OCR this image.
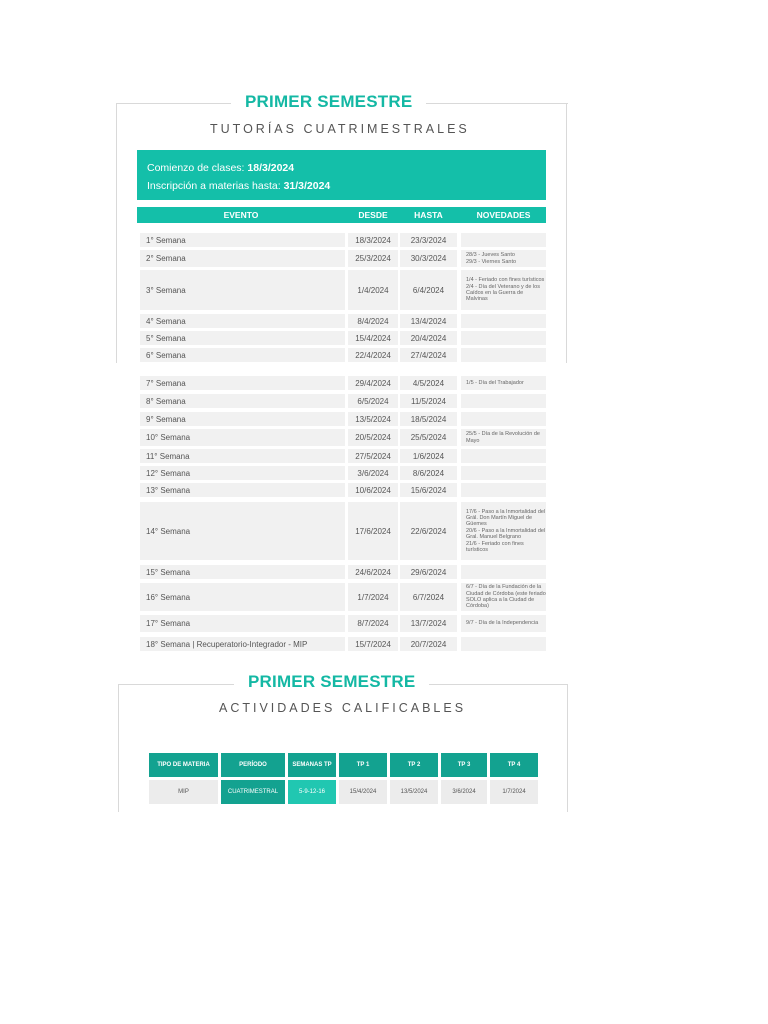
PRIMER SEMESTRE
TUTORÍAS CUATRIMESTRALES
Comienzo de clases: 18/3/2024
Inscripción a materias hasta: 31/3/2024
EVENTO	DESDE	HASTA	NOVEDADES
1° Semana	18/3/2024	23/3/2024
2° Semana	25/3/2024	30/3/2024	28/3 - Jueves Santo
29/3 - Viernes Santo
3° Semana	1/4/2024	6/4/2024
1/4 - Feriado con fines turísticos
2/4 - Día del Veterano y de los Caídos en la Guerra de Malvinas
4° Semana	8/4/2024	13/4/2024
5° Semana	15/4/2024	20/4/2024
6° Semana	22/4/2024	27/4/2024
7° Semana	29/4/2024	4/5/2024	1/5 - Día del Trabajador
8° Semana	6/5/2024	11/5/2024
9° Semana	13/5/2024	18/5/2024
10° Semana	20/5/2024	25/5/2024	25/5 - Día de la Revolución de Mayo
11° Semana	27/5/2024	1/6/2024
12° Semana	3/6/2024	8/6/2024
13° Semana	10/6/2024	15/6/2024
14° Semana	17/6/2024	22/6/2024
17/6 - Paso a la Inmortalidad del Grál. Don Martín Miguel de Güemes
20/6 - Paso a la Inmortalidad del Gral. Manuel Belgrano
21/6 - Feriado con fines turísticos
15° Semana	24/6/2024	29/6/2024
16° Semana	1/7/2024	6/7/2024
6/7 - Día de la Fundación de la Ciudad de Córdoba (este feriado SOLO aplica a la Ciudad de Córdoba)
17° Semana	8/7/2024	13/7/2024	9/7 - Día de la Independencia
18° Semana | Recuperatorio-Integrador - MIP	15/7/2024	20/7/2024
PRIMER SEMESTRE
ACTIVIDADES CALIFICABLES
TIPO DE MATERIA	PERÍODO	SEMANAS TP	TP 1	TP 2	TP 3	TP 4
MIP	CUATRIMESTRAL	5-9-12-16	15/4/2024	13/5/2024	3/6/2024	1/7/2024
